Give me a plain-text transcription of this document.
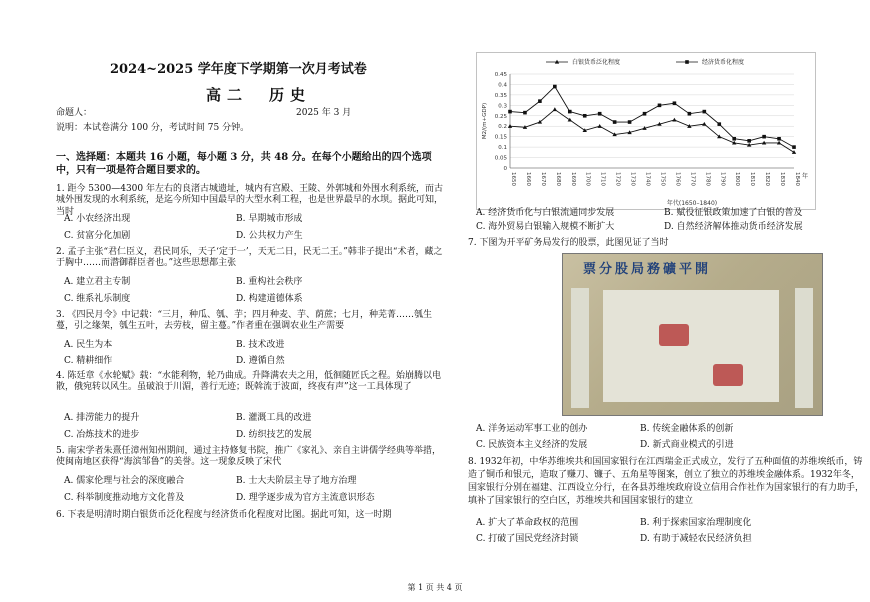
2024~2025 学年度下学期第一次月考试卷
高二　历史
命题人：	2025 年 3 月
说明：本试卷满分 100 分，考试时间 75 分钟。
一、选择题：本题共 16 小题，每小题 3 分，共 48 分。在每个小题给出的四个选项中，只有一项是符合题目要求的。
1. 距今 5300—4300 年左右的良渚古城遗址，城内有宫殿、王陵、外郭城和外围水利系统，而古城外围发现的水利系统，是迄今所知中国最早的大型水利工程，也是世界最早的水坝。据此可知，当时
A. 小农经济出现	B. 早期城市形成
C. 贫富分化加剧	D. 公共权力产生
2. 孟子主张“君仁臣义，君民同乐，天子‘定于一’，天无二日，民无二王。”韩非子提出“术者，藏之于胸中……而潜御群臣者也。”这些思想都主张
A. 建立君主专制	B. 重构社会秩序
C. 维系礼乐制度	D. 构建道德体系
3. 《四民月令》中记载：“三月，种瓜、瓠、芋；四月种麦、芋、荫蔗；七月，种芜菁……瓠生蔓，引之缘架，瓠生五叶，去劳枝，留主蔓。”作者重在强调农业生产需要
A. 民生为本	B. 技术改进
C. 精耕细作	D. 遵循自然
4. 陈廷章《水轮赋》载：“水能利物，轮乃曲成。升降满农夫之用，低徊随匠氏之程。始崩腾以电散，俄宛转以风生。虽破浪于川湄，善行无迹；既斡流于波面，终夜有声”这一工具体现了
A. 排涝能力的提升	B. 灌溉工具的改进
C. 冶炼技术的进步	D. 纺织技艺的发展
5. 南宋学者朱熹任漳州知州期间，通过主持修复书院，推广《家礼》、亲自主讲儒学经典等举措，使闽南地区获得“海滨邹鲁”的美誉。这一现象反映了宋代
A. 儒家伦理与社会的深度融合	B. 士大夫阶层主导了地方治理
C. 科举制度推动地方文化普及	D. 理学逐步成为官方主流意识形态
6. 下表是明清时期白银货币泛化程度与经济货币化程度对比图。据此可知，这一时期
白银货币泛化程度	经济货币化程度
0
0.05
0.1
0.15
0.2
0.25
0.3
0.35
0.4
0.45
1650 1660 1670 1680 1690 1700 1710 1720 1730 1740 1750 1760 1770 1780 1790 1800 1810 1820 1830 1840 年
年代(1650–1840)
M2/(m+GDP)
A. 经济货币化与白银流通同步发展	B. 赋役征银政策加速了白银的普及
C. 海外贸易白银输入规模不断扩大	D. 自然经济解体推动货币经济发展
7. 下图为开平矿务局发行的股票，此图见证了当时
票分股局務礦平開
A. 洋务运动军事工业的创办	B. 传统金融体系的创新
C. 民族资本主义经济的发展	D. 新式商业模式的引进
8. 1932年初，中华苏维埃共和国国家银行在江西瑞金正式成立，发行了五种面值的苏维埃纸币，铸造了铜币和银元，造取了赚刀、镰子、五角星等图案，创立了独立的苏维埃金融体系。1932年冬，国家银行分别在福建、江西设立分行，在各县苏维埃政府设立信用合作社作为国家银行的有力助手，填补了国家银行的空白区，苏维埃共和国国家银行的建立
A. 扩大了革命政权的范围	B. 利于探索国家治理制度化
C. 打破了国民党经济封锁	D. 有助于减轻农民经济负担
第 1 页 共 4 页
